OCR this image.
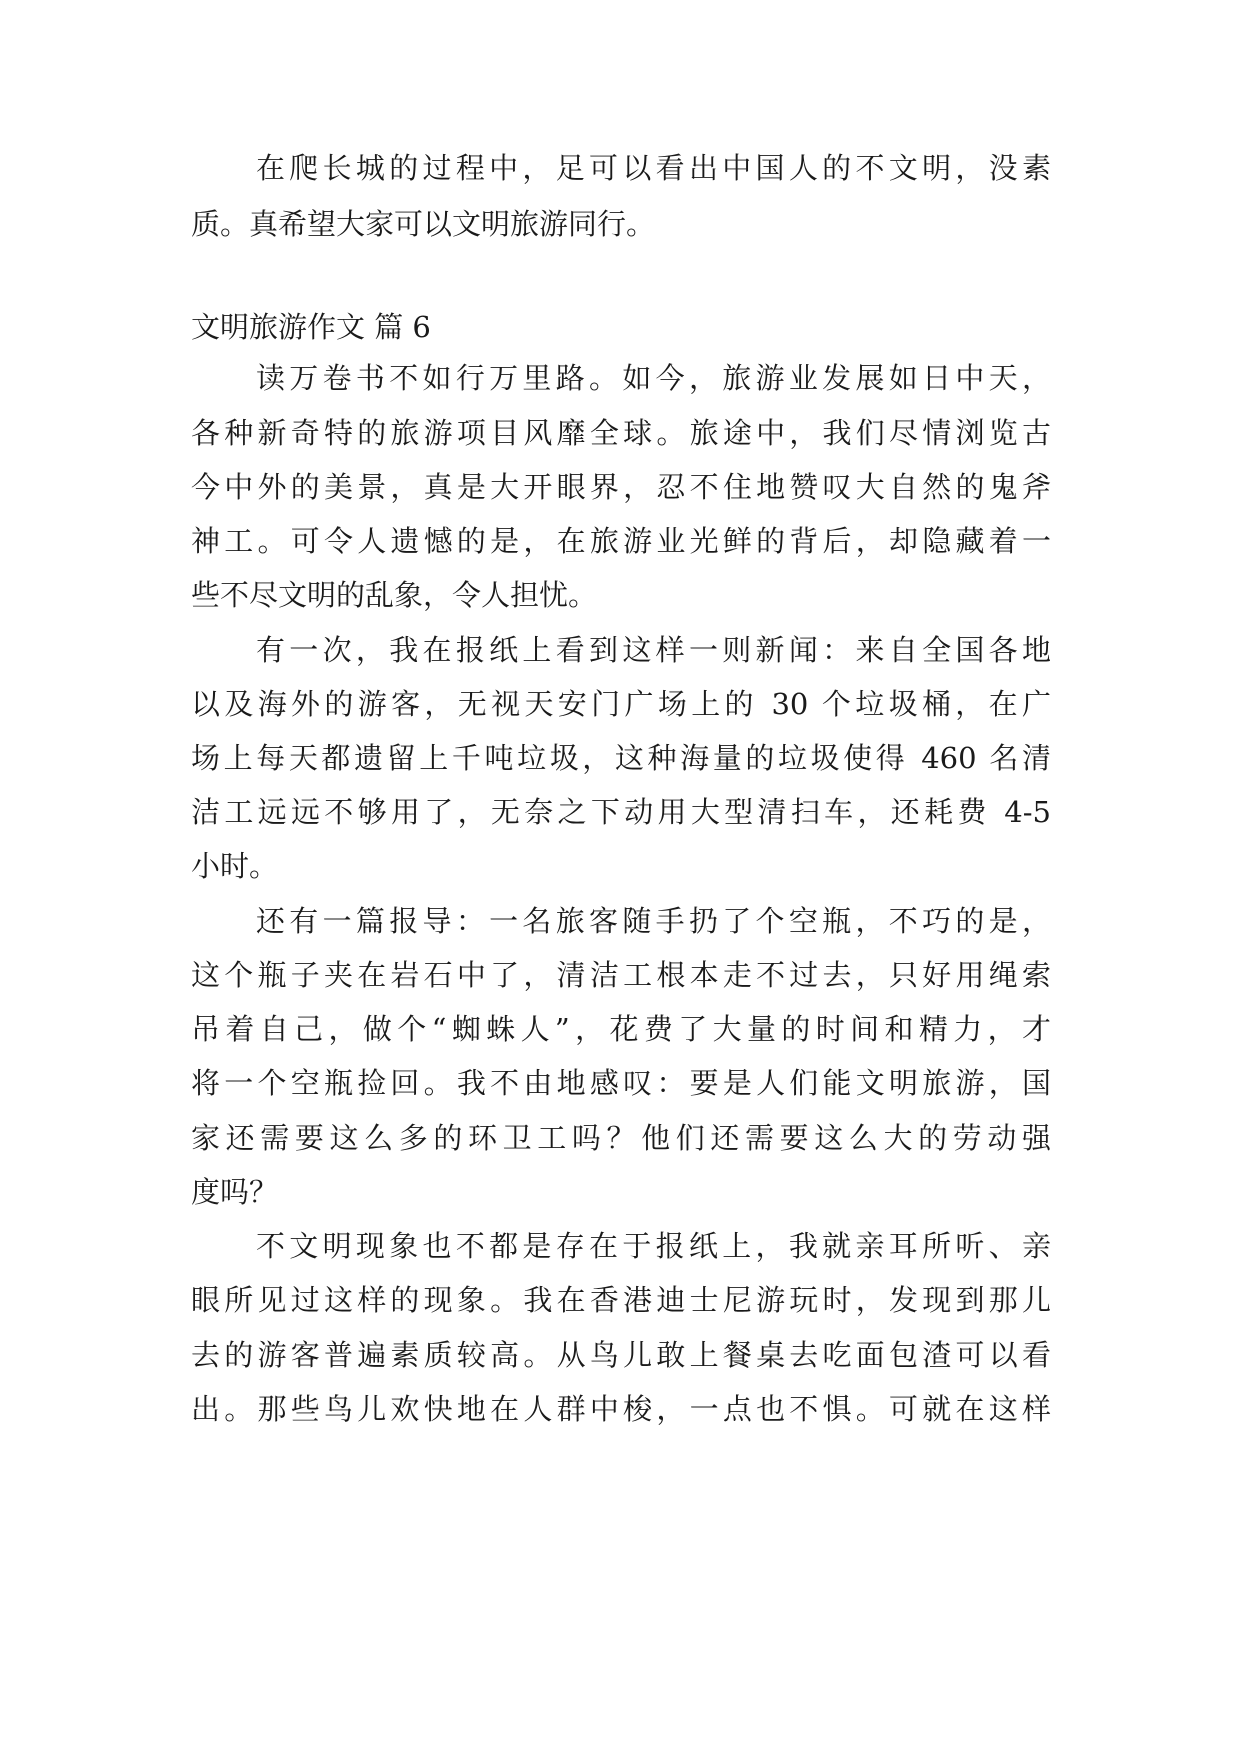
在爬长城的过程中，足可以看出中国人的不文明，没素
质。真希望大家可以文明旅游同行。
文明旅游作文 篇 6
读万卷书不如行万里路。如今，旅游业发展如日中天，
各种新奇特的旅游项目风靡全球。旅途中，我们尽情浏览古
今中外的美景，真是大开眼界，忍不住地赞叹大自然的鬼斧
神工。可令人遗憾的是，在旅游业光鲜的背后，却隐藏着一
些不尽文明的乱象，令人担忧。
有一次，我在报纸上看到这样一则新闻：来自全国各地
以及海外的游客，无视天安门广场上的 30 个垃圾桶，在广
场上每天都遗留上千吨垃圾，这种海量的垃圾使得 460 名清
洁工远远不够用了，无奈之下动用大型清扫车，还耗费 4-5
小时。
还有一篇报导：一名旅客随手扔了个空瓶，不巧的是，
这个瓶子夹在岩石中了，清洁工根本走不过去，只好用绳索
吊着自己，做个“蜘蛛人”，花费了大量的时间和精力，才
将一个空瓶捡回。我不由地感叹：要是人们能文明旅游，国
家还需要这么多的环卫工吗？他们还需要这么大的劳动强
度吗？
不文明现象也不都是存在于报纸上，我就亲耳所听、亲
眼所见过这样的现象。我在香港迪士尼游玩时，发现到那儿
去的游客普遍素质较高。从鸟儿敢上餐桌去吃面包渣可以看
出。那些鸟儿欢快地在人群中梭，一点也不惧。可就在这样
